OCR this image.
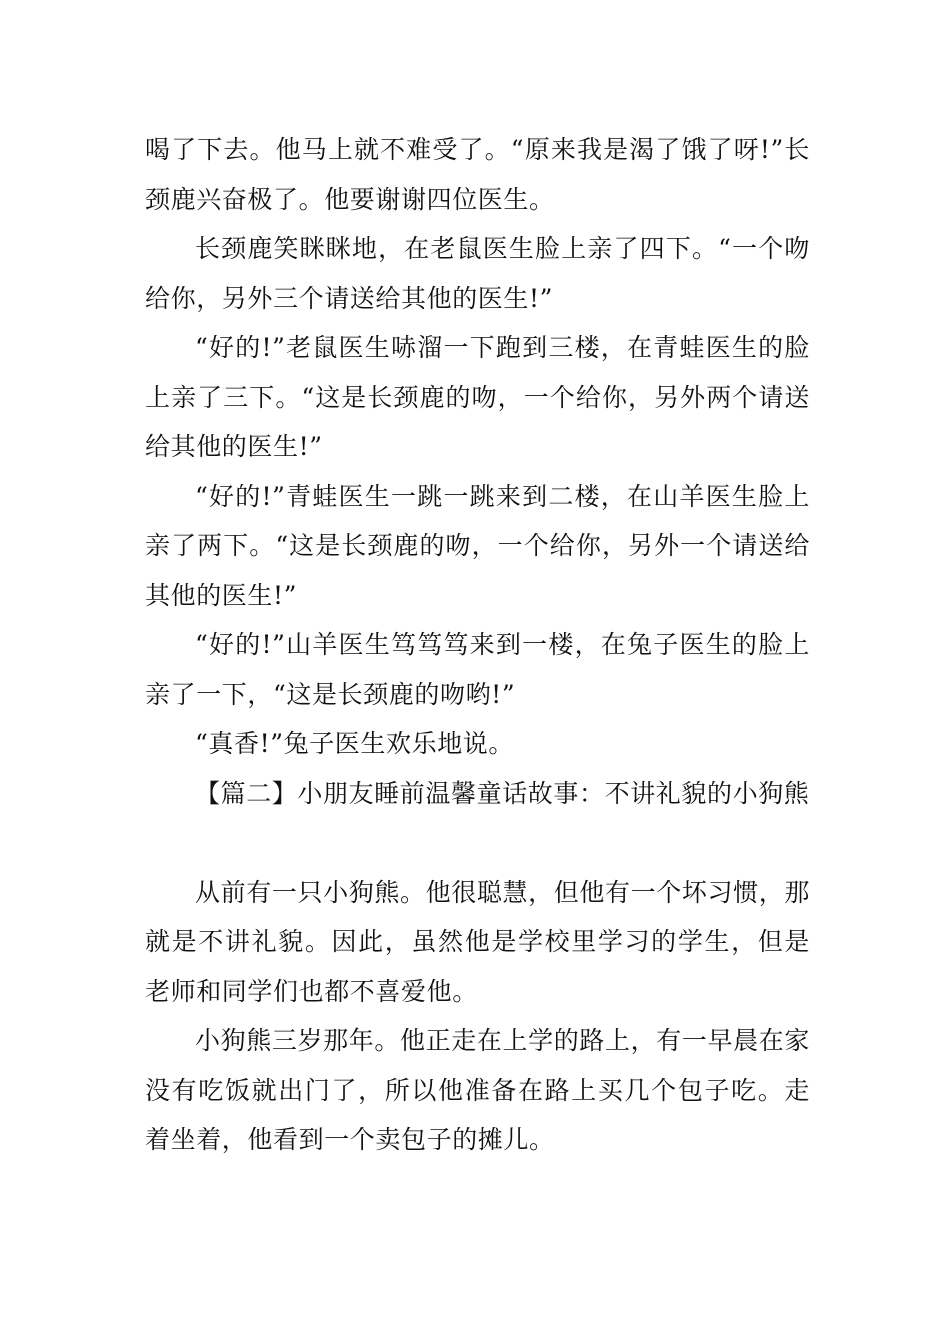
喝了下去。他马上就不难受了。“原来我是渴了饿了呀!”长颈鹿兴奋极了。他要谢谢四位医生。

长颈鹿笑眯眯地，在老鼠医生脸上亲了四下。“一个吻给你，另外三个请送给其他的医生!”

“好的!”老鼠医生哧溜一下跑到三楼，在青蛙医生的脸上亲了三下。“这是长颈鹿的吻，一个给你，另外两个请送给其他的医生!”

“好的!”青蛙医生一跳一跳来到二楼，在山羊医生脸上亲了两下。“这是长颈鹿的吻，一个给你，另外一个请送给其他的医生!”

“好的!”山羊医生笃笃笃来到一楼，在兔子医生的脸上亲了一下，“这是长颈鹿的吻哟!”

“真香!”兔子医生欢乐地说。

【篇二】小朋友睡前温馨童话故事：不讲礼貌的小狗熊

从前有一只小狗熊。他很聪慧，但他有一个坏习惯，那就是不讲礼貌。因此，虽然他是学校里学习的学生，但是老师和同学们也都不喜爱他。

小狗熊三岁那年。他正走在上学的路上，有一早晨在家没有吃饭就出门了，所以他准备在路上买几个包子吃。走着坐着，他看到一个卖包子的摊儿。
